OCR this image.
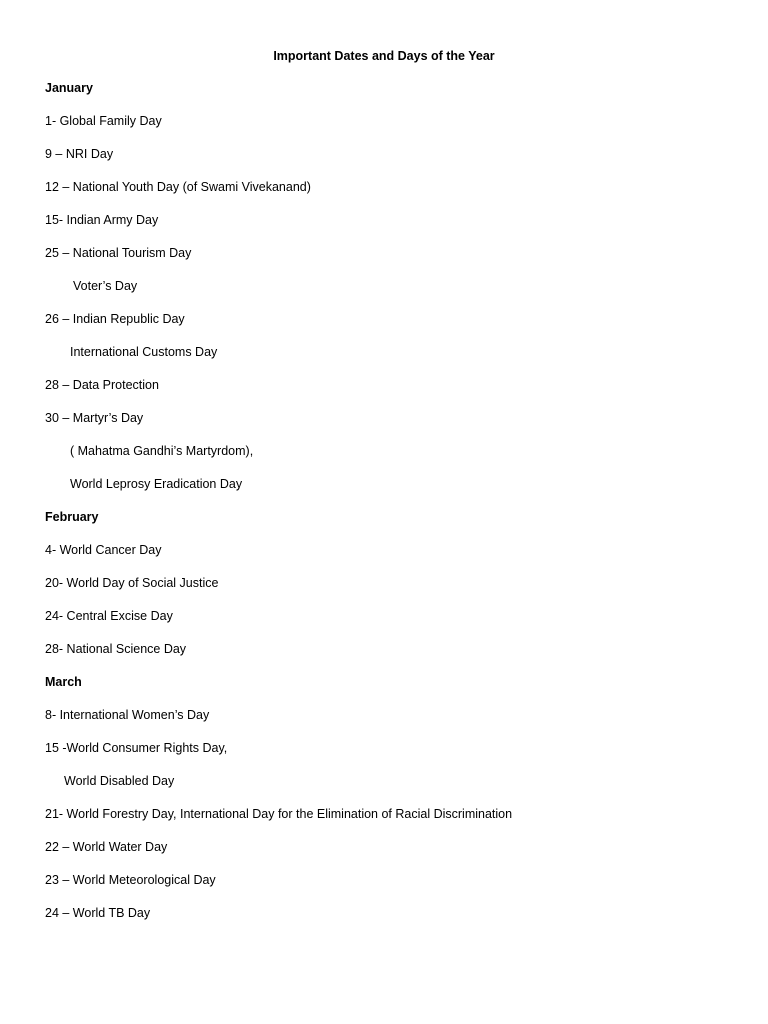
Important Dates and Days of the Year
January
1- Global Family Day
9 – NRI Day
12 – National Youth Day (of Swami Vivekanand)
15- Indian Army Day
25 – National Tourism Day
Voter’s Day
26 – Indian Republic Day
International Customs Day
28 – Data Protection
30 – Martyr’s Day
( Mahatma Gandhi’s Martyrdom),
World Leprosy Eradication Day
February
4- World Cancer Day
20- World Day of Social Justice
24- Central Excise Day
28- National Science Day
March
8- International Women’s Day
15 -World Consumer Rights Day,
World Disabled Day
21- World Forestry Day, International Day for the Elimination of Racial Discrimination
22 – World Water Day
23 – World Meteorological Day
24 – World TB Day
